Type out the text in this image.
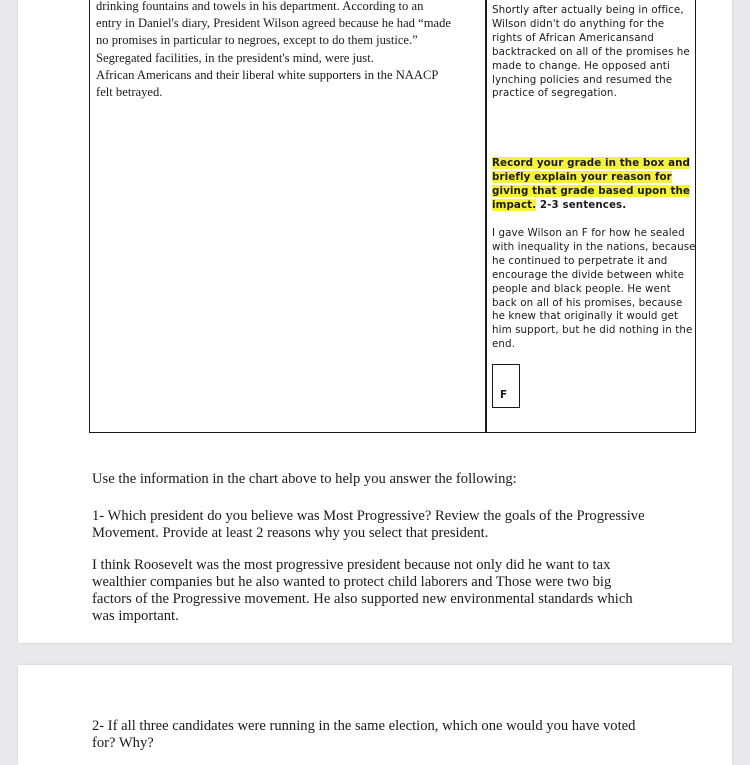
drinking fountains and towels in his department. According to an
entry in Daniel's diary, President Wilson agreed because he had “made
no promises in particular to negroes, except to do them justice.”
Segregated facilities, in the president's mind, were just.
African Americans and their liberal white supporters in the NAACP
felt betrayed.
Shortly after actually being in office,
Wilson didn't do anything for the
rights of African Americansand
backtracked on all of the promises he
made to change. He opposed anti
lynching policies and resumed the
practice of segregation.
Record your grade in the box and
briefly explain your reason for
giving that grade based upon the
impact. 2-3 sentences.
I gave Wilson an F for how he sealed
with inequality in the nations, because
he continued to perpetrate it and
encourage the divide between white
people and black people. He went
back on all of his promises, because
he knew that originally it would get
him support, but he did nothing in the
end.
F
Use the information in the chart above to help you answer the following:
1- Which president do you believe was Most Progressive? Review the goals of the Progressive
Movement. Provide at least 2 reasons why you select that president.
I think Roosevelt was the most progressive president because not only did he want to tax
wealthier companies but he also wanted to protect child laborers and Those were two big
factors of the Progressive movement. He also supported new environmental standards which
was important.
2- If all three candidates were running in the same election, which one would you have voted
for? Why?
